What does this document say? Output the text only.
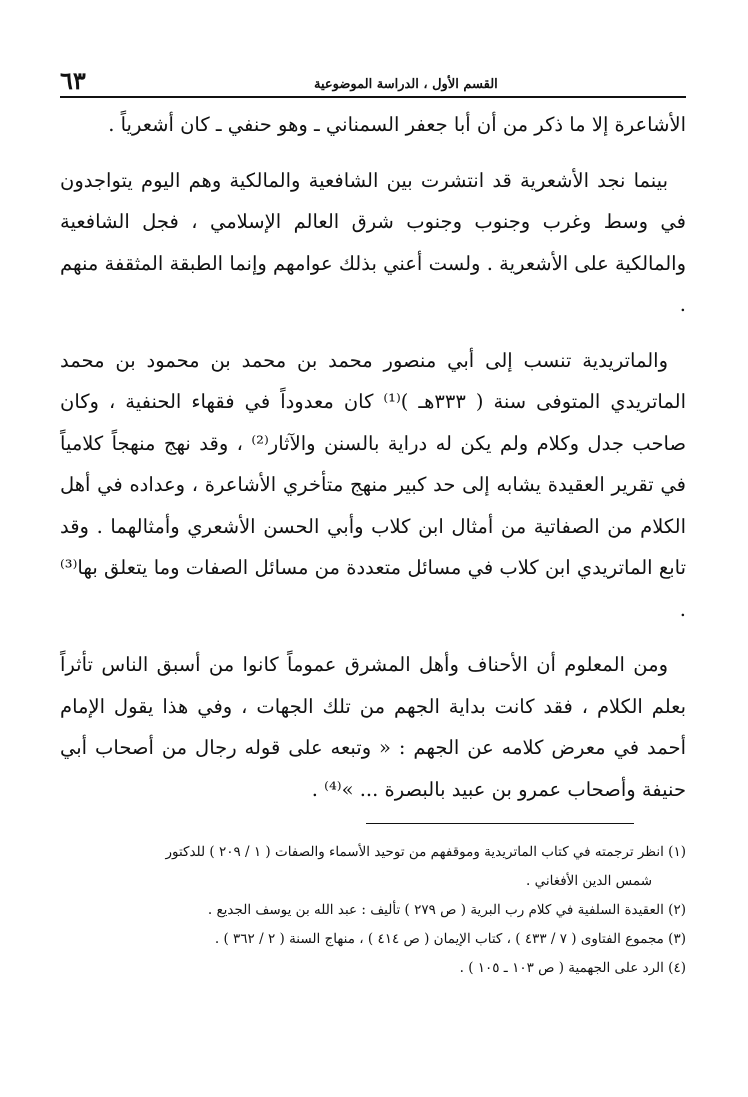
القسم الأول ، الدراسة الموضوعية
٦٣

الأشاعرة إلا ما ذكر من أن أبا جعفر السمناني ـ وهو حنفي ـ كان أشعرياً .

بينما نجد الأشعرية قد انتشرت بين الشافعية والمالكية وهم اليوم يتواجدون في وسط وغرب وجنوب وجنوب شرق العالم الإسلامي ، فجل الشافعية والمالكية على الأشعرية . ولست أعني بذلك عوامهم وإنما الطبقة المثقفة منهم .

والماتريدية تنسب إلى أبي منصور محمد بن محمد بن محمود بن محمد الماتريدي المتوفى سنة ( ٣٣٣هـ )⁽¹⁾ كان معدوداً في فقهاء الحنفية ، وكان صاحب جدل وكلام ولم يكن له دراية بالسنن والآثار⁽²⁾ ، وقد نهج منهجاً كلامياً في تقرير العقيدة يشابه إلى حد كبير منهج متأخري الأشاعرة ، وعداده في أهل الكلام من الصفاتية من أمثال ابن كلاب وأبي الحسن الأشعري وأمثالهما . وقد تابع الماتريدي ابن كلاب في مسائل متعددة من مسائل الصفات وما يتعلق بها⁽³⁾ .

ومن المعلوم أن الأحناف وأهل المشرق عموماً كانوا من أسبق الناس تأثراً بعلم الكلام ، فقد كانت بداية الجهم من تلك الجهات ، وفي هذا يقول الإمام أحمد في معرض كلامه عن الجهم : « وتبعه على قوله رجال من أصحاب أبي حنيفة وأصحاب عمرو بن عبيد بالبصرة ... »⁽⁴⁾ .

(١) انظر ترجمته في كتاب الماتريدية وموقفهم من توحيد الأسماء والصفات ( ١ / ٢٠٩ ) للدكتور

شمس الدين الأفغاني .

(٢) العقيدة السلفية في كلام رب البرية ( ص ٢٧٩ ) تأليف : عبد الله بن يوسف الجديع .

(٣) مجموع الفتاوى ( ٧ / ٤٣٣ ) ، كتاب الإيمان ( ص ٤١٤ ) ، منهاج السنة ( ٢ / ٣٦٢ ) .

(٤) الرد على الجهمية ( ص ١٠٣ ـ ١٠٥ ) .
